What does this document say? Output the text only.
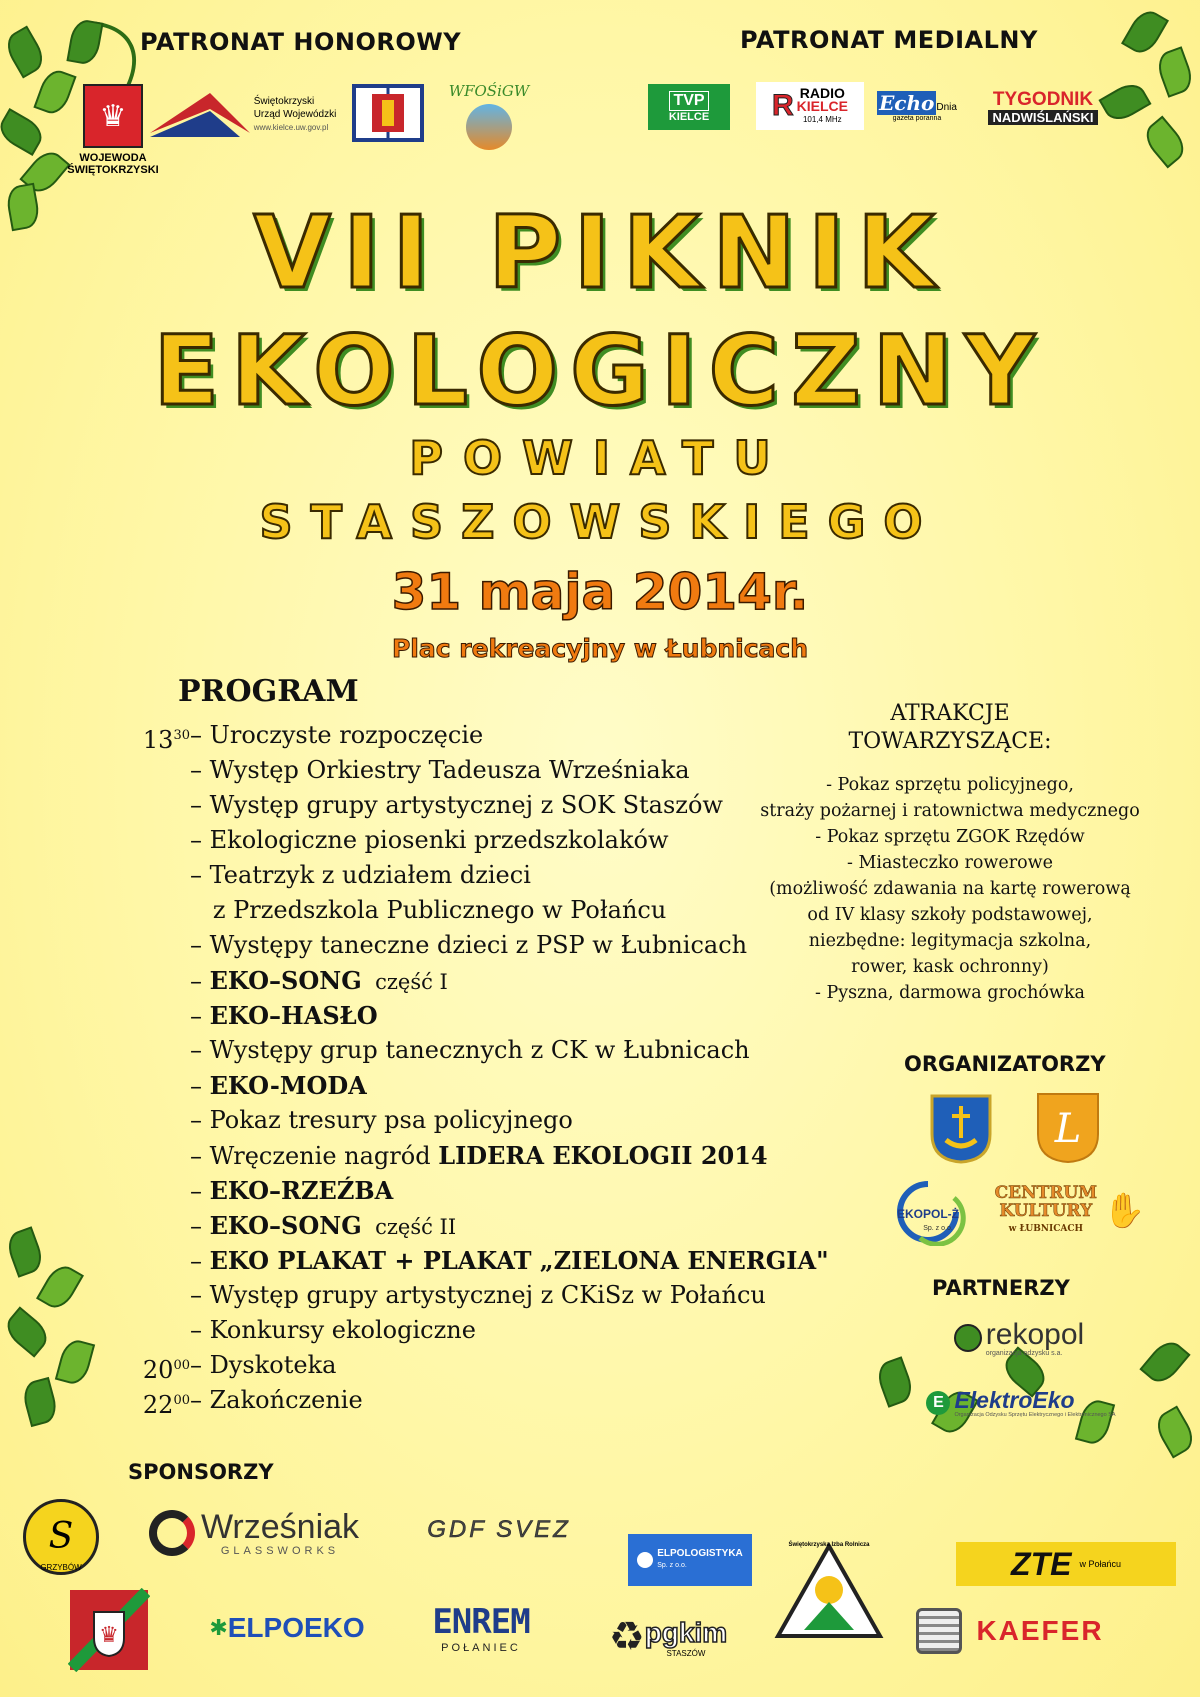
PATRONAT HONOROWY	PATRONAT MEDIALNY
♛
WOJEWODA
ŚWIĘTOKRZYSKI
Świętokrzyski
Urząd Wojewódzki
www.kielce.uw.gov.pl
WFOŚiGW
TVP
KIELCE R RADIO
KIELCE
101,4 MHz
Echo Dnia
gazeta poranna
TYGODNIK
NADWIŚLAŃSKI
VII PIKNIK
EKOLOGICZNY
POWIATU
STASZOWSKIEGO
31 maja 2014r.
Plac rekreacyjny w Łubnicach
PROGRAM
$13^{30}$ – Uroczyste rozpoczęcie
– Występ Orkiestry Tadeusza Wrześniaka
– Występ grupy artystycznej z SOK Staszów
– Ekologiczne piosenki przedszkolaków
– Teatrzyk z udziałem dzieci
z Przedszkola Publicznego w Połańcu
– Występy taneczne dzieci z PSP w Łubnicach
– EKO–SONG  część I
– EKO–HASŁO
– Występy grup tanecznych z CK w Łubnicach
– EKO-MODA
– Pokaz tresury psa policyjnego
– Wręczenie nagród LIDERA EKOLOGII 2014
– EKO–RZEŹBA
– EKO–SONG  część II
– EKO PLAKAT + PLAKAT „ZIELONA ENERGIA"
– Występ grupy artystycznej z CKiSz w Połańcu
– Konkursy ekologiczne
$20^{00}$ – Dyskoteka
$22^{00}$ – Zakończenie
ATRAKCJE
TOWARZYSZĄCE:
- Pokaz sprzętu policyjnego,
straży pożarnej i ratownictwa medycznego
- Pokaz sprzętu ZGOK Rzędów
- Miasteczko rowerowe
(możliwość zdawania na kartę rowerową
od IV klasy szkoły podstawowej,
niezbędne: legitymacja szkolna,
rower, kask ochronny)
- Pyszna, darmowa grochówka
ORGANIZATORZY
L
EKOPOL-Ż
Sp. z o.o.
CENTRUM
KULTURY
w ŁUBNICACH ✋
PARTNERZY
rekopol
organizacja odzysku s.a.
E ElektroEko
Organizacja Odzysku Sprzętu Elektrycznego i Elektronicznego SA
SPONSORZY
S
GRZYBÓW
Wrześniak
GLASSWORKS
GDF SVEZ
ELPOLOGISTYKA
Sp. z o.o.
Świętokrzyska Izba Rolnicza
ZTE w Połańcu
♛	✱ ELPOEKO ENREM
POŁANIEC ♻ pgkim
STASZÓW
KAEFER
